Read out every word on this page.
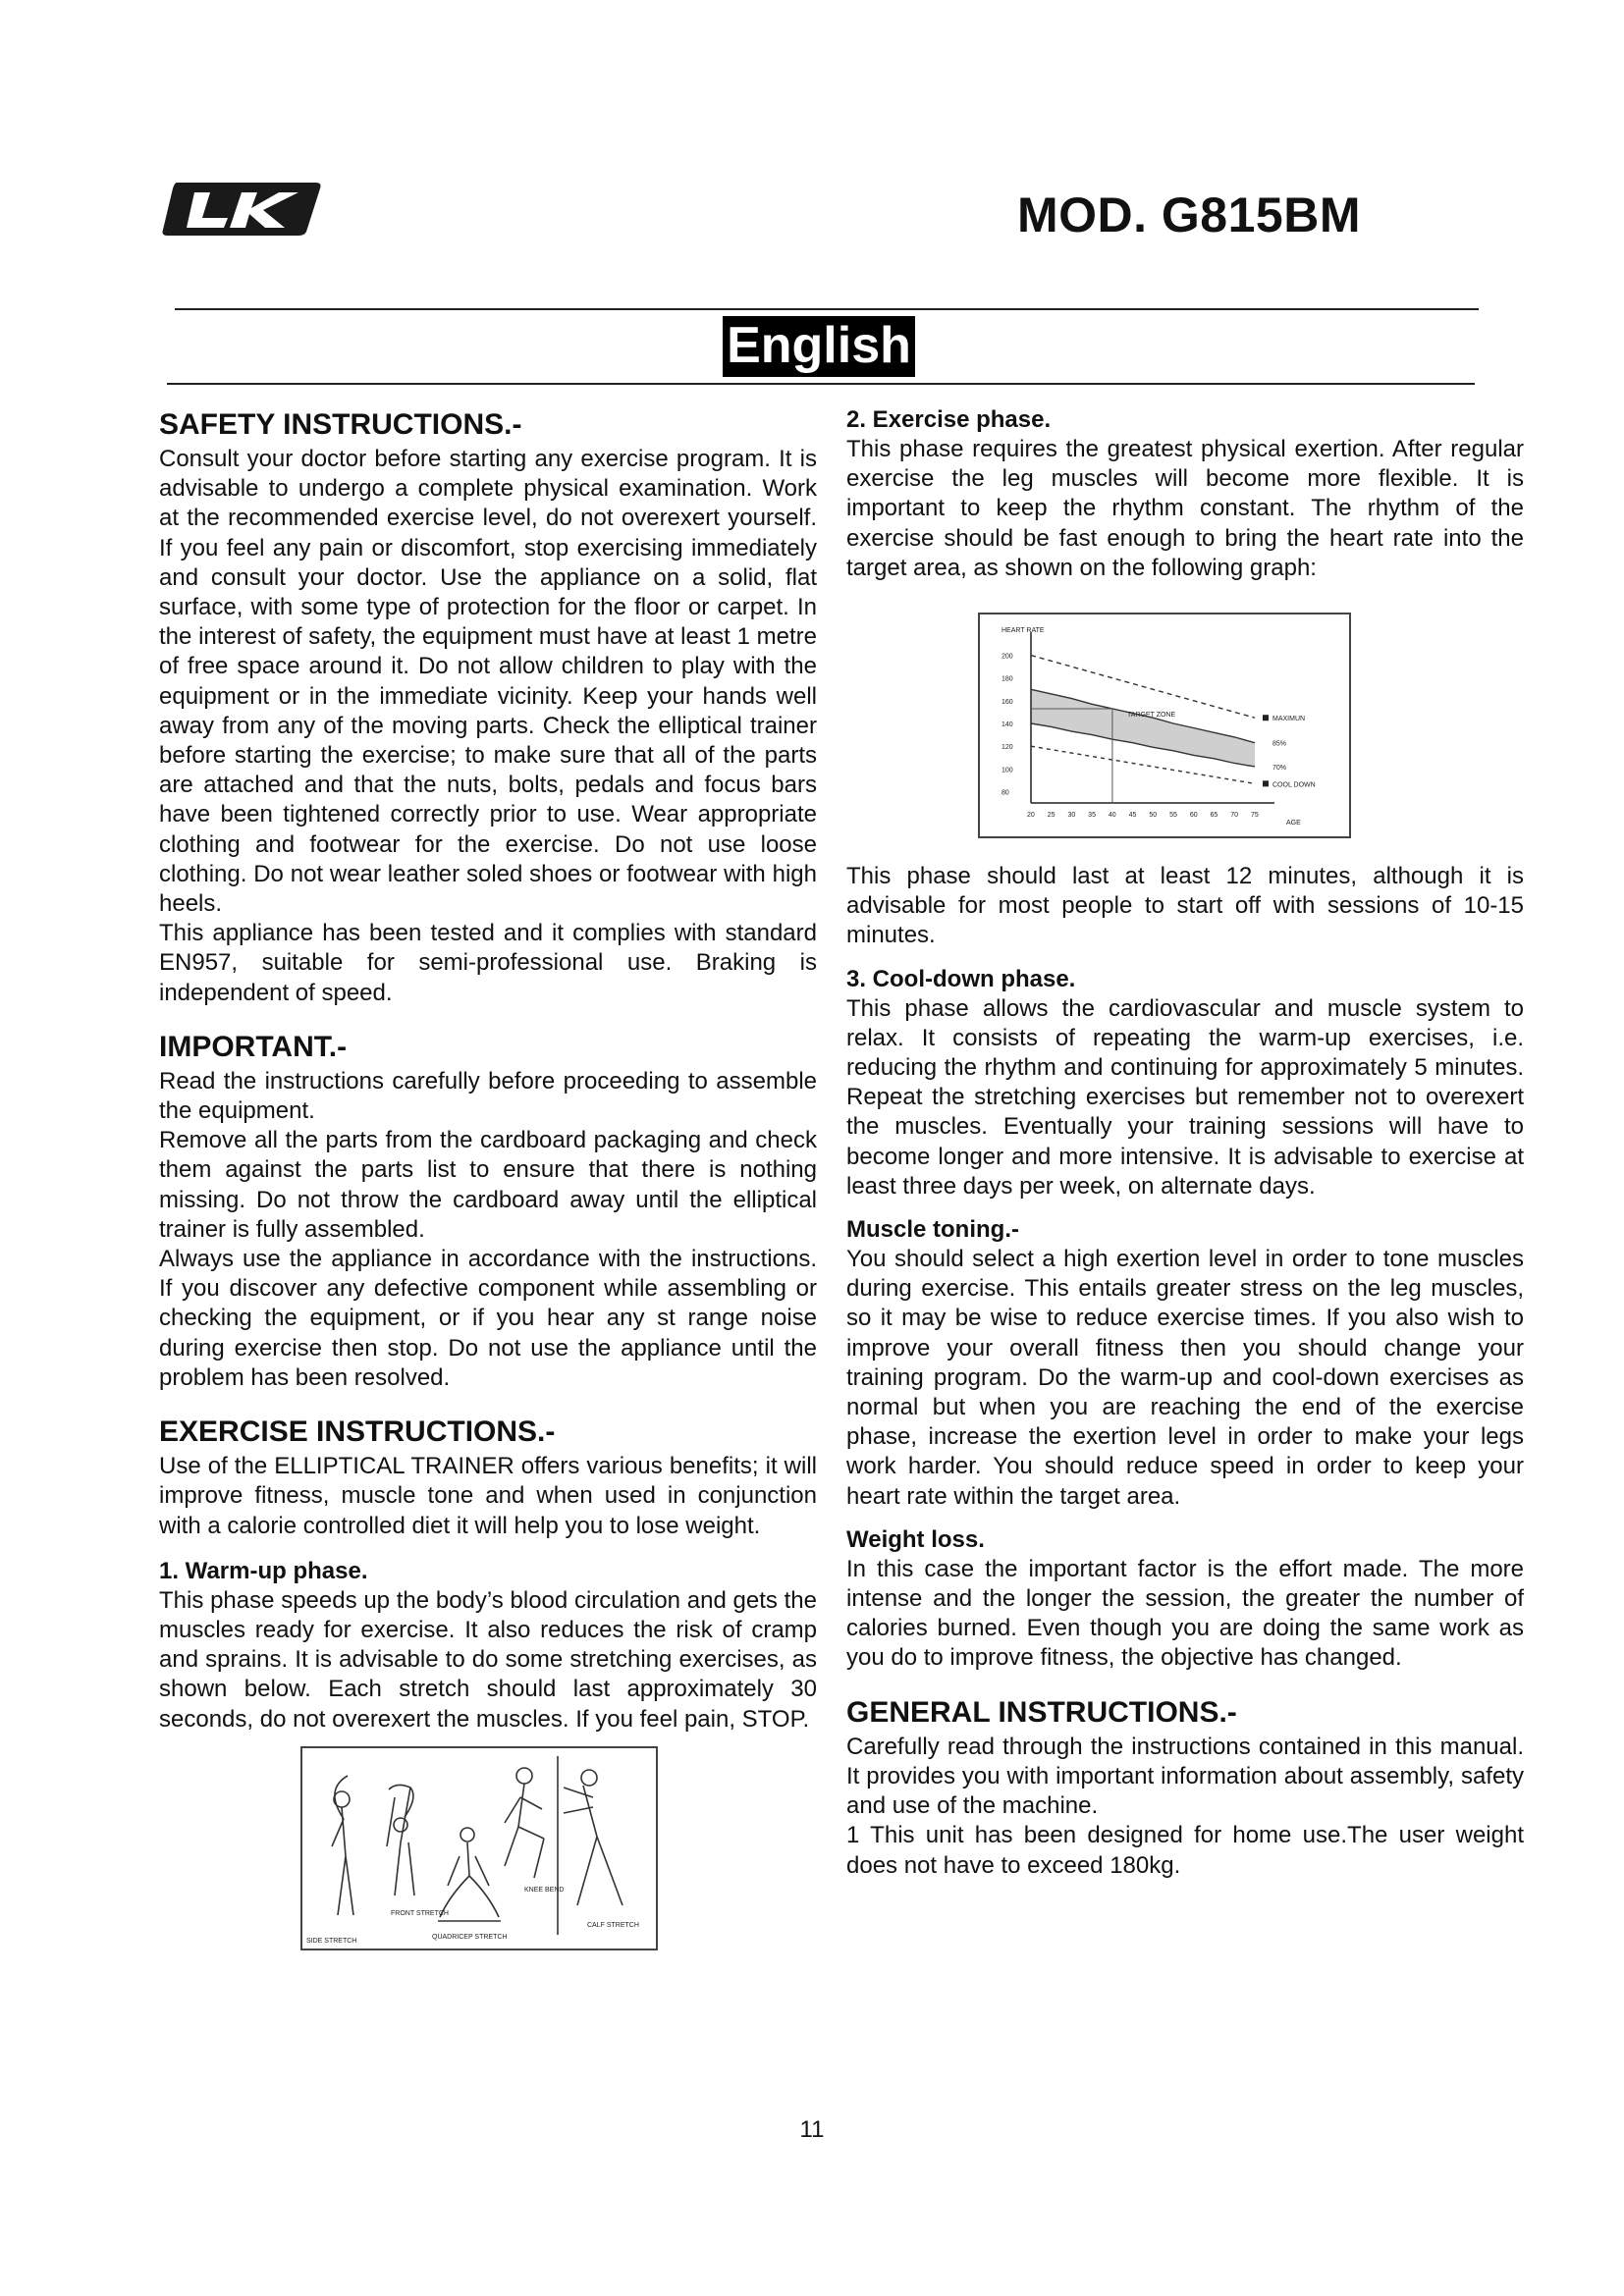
MOD. G815BM
English
SAFETY INSTRUCTIONS.-

Consult your doctor before starting any exercise program. It is advisable to undergo a complete physical examination. Work at the recommended exercise level, do not overexert yourself. If you feel any pain or discomfort, stop exercising immediately and consult your doctor. Use the appliance on a solid, flat surface, with some type of protection for the floor or carpet. In the interest of safety, the equipment must have at least 1 metre of free space around it. Do not allow children to play with the equipment or in the immediate vicinity. Keep your hands well away from any of the moving parts. Check the elliptical trainer before starting the exercise; to make sure that all of the parts are attached and that the nuts, bolts, pedals and focus bars have been tightened correctly prior to use. Wear appropriate clothing and footwear for the exercise. Do not use loose clothing. Do not wear leather soled shoes or footwear with high heels.

This appliance has been tested and it complies with standard EN957, suitable for semi-professional use. Braking is independent of speed.

IMPORTANT.-

Read the instructions carefully before proceeding to assemble the equipment.

Remove all the parts from the cardboard packaging and check them against the parts list to ensure that there is nothing missing. Do not throw the cardboard away until the elliptical trainer is fully assembled.

Always use the appliance in accordance with the instructions. If you discover any defective component while assembling or checking the equipment, or if you hear any st range noise during exercise then stop. Do not use the appliance until the problem has been resolved.

EXERCISE INSTRUCTIONS.-

Use of the ELLIPTICAL TRAINER offers various benefits; it will improve fitness, muscle tone and when used in conjunction with a calorie controlled diet it will help you to lose weight.

1. Warm-up phase.

This phase speeds up the body’s blood circulation and gets the muscles ready for exercise. It also reduces the risk of cramp and sprains. It is advisable to do some stretching exercises, as shown below. Each stretch should last approximately 30 seconds, do not overexert the muscles. If you feel pain, STOP.

SIDE STRETCH
FRONT STRETCH
KNEE BEND
QUADRICEP STRETCH
CALF STRETCH
2. Exercise phase.

This phase requires the greatest physical exertion. After regular exercise the leg muscles will become more flexible. It is important to keep the rhythm constant. The rhythm of the exercise should be fast enough to bring the heart rate into the target area, as shown on the following graph:

200
180
160
140
120
100
80
20 25 30 35 40 45 50 55 60 65 70 75
MAXIMUN
85%
70%
COOL DOWN
HEART RATE
TARGET ZONE
AGE

This phase should last at least 12 minutes, although it is advisable for most people to start off with sessions of 10-15 minutes.

3. Cool-down phase.

This phase allows the cardiovascular and muscle system to relax. It consists of repeating the warm-up exercises, i.e. reducing the rhythm and continuing for approximately 5 minutes. Repeat the stretching exercises but remember not to overexert the muscles. Eventually your training sessions will have to become longer and more intensive. It is advisable to exercise at least three days per week, on alternate days.

Muscle toning.-

You should select a high exertion level in order to tone muscles during exercise. This entails greater stress on the leg muscles, so it may be wise to reduce exercise times. If you also wish to improve your overall fitness then you should change your training program. Do the warm-up and cool-down exercises as normal but when you are reaching the end of the exercise phase, increase the exertion level in order to make your legs work harder. You should reduce speed in order to keep your heart rate within the target area.

Weight loss.

In this case the important factor is the effort made. The more intense and the longer the session, the greater the number of calories burned. Even though you are doing the same work as you do to improve fitness, the objective has changed.

GENERAL INSTRUCTIONS.-

Carefully read through the instructions contained in this manual. It provides you with important information about assembly, safety and use of the machine.

1 This unit has been designed for home use.The user weight does not have to exceed 180kg.

11
